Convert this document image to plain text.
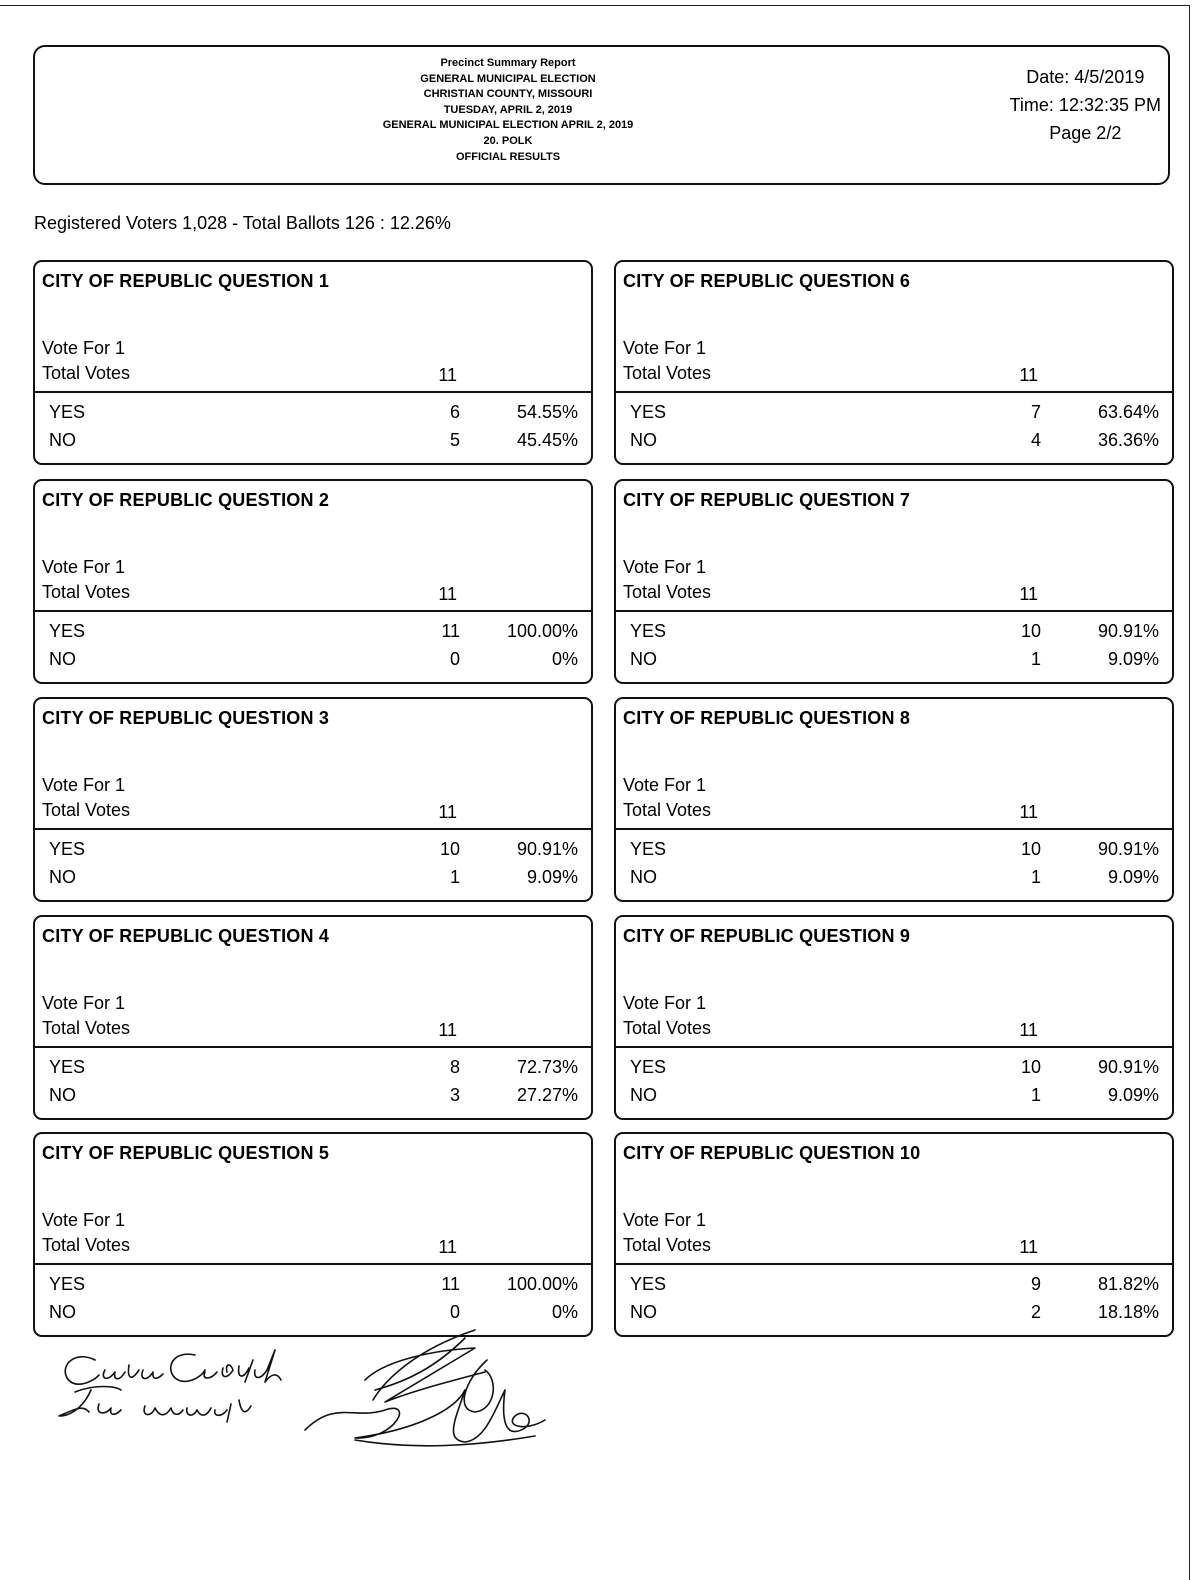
Precinct Summary Report
GENERAL MUNICIPAL ELECTION
CHRISTIAN COUNTY, MISSOURI
TUESDAY, APRIL 2, 2019
GENERAL MUNICIPAL ELECTION APRIL 2, 2019
20. POLK
OFFICIAL RESULTS
Date: 4/5/2019
Time: 12:32:35 PM
Page 2/2
Registered Voters 1,028 - Total Ballots 126 : 12.26%
CITY OF REPUBLIC QUESTION 1
Vote For 1
Total Votes	11
YES	6	54.55%
NO	5	45.45%
CITY OF REPUBLIC QUESTION 2
Vote For 1
Total Votes	11
YES	11	100.00%
NO	0	0%
CITY OF REPUBLIC QUESTION 3
Vote For 1
Total Votes	11
YES	10	90.91%
NO	1	9.09%
CITY OF REPUBLIC QUESTION 4
Vote For 1
Total Votes	11
YES	8	72.73%
NO	3	27.27%
CITY OF REPUBLIC QUESTION 5
Vote For 1
Total Votes	11
YES	11	100.00%
NO	0	0%
CITY OF REPUBLIC QUESTION 6
Vote For 1
Total Votes	11
YES	7	63.64%
NO	4	36.36%
CITY OF REPUBLIC QUESTION 7
Vote For 1
Total Votes	11
YES	10	90.91%
NO	1	9.09%
CITY OF REPUBLIC QUESTION 8
Vote For 1
Total Votes	11
YES	10	90.91%
NO	1	9.09%
CITY OF REPUBLIC QUESTION 9
Vote For 1
Total Votes	11
YES	10	90.91%
NO	1	9.09%
CITY OF REPUBLIC QUESTION 10
Vote For 1
Total Votes	11
YES	9	81.82%
NO	2	18.18%
